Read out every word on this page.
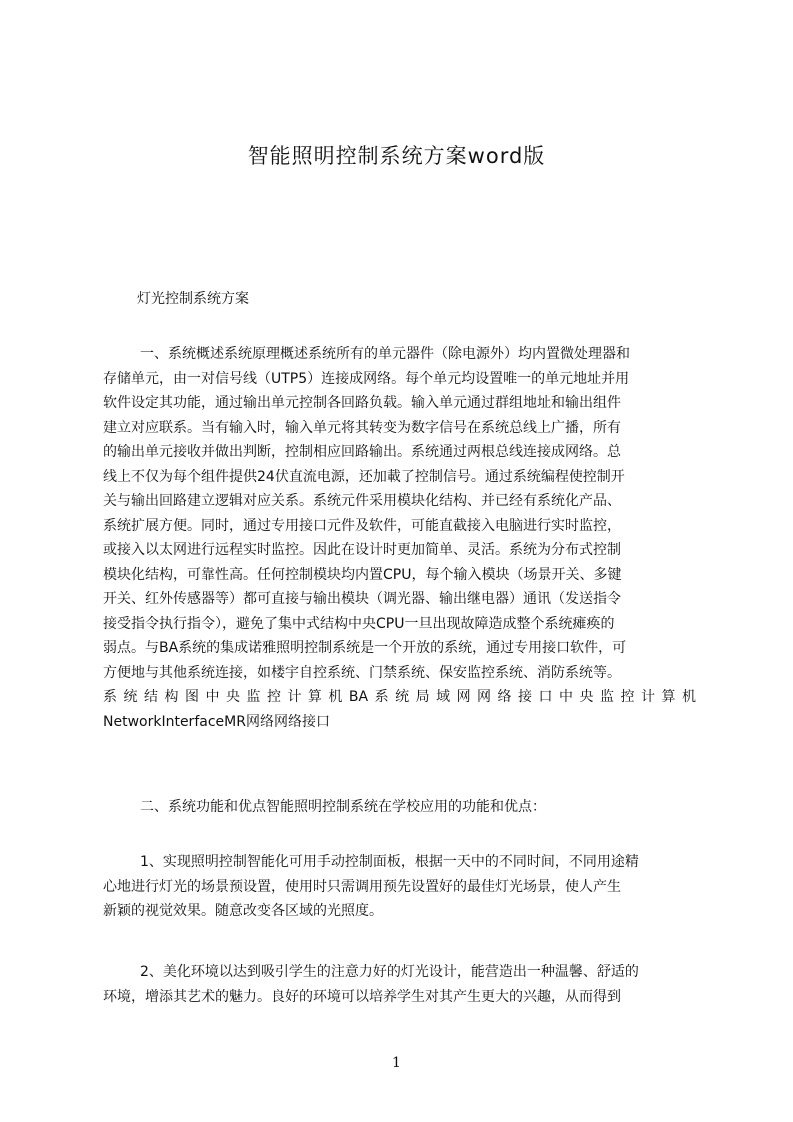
智能照明控制系统方案word版

灯光控制系统方案

一、系统概述系统原理概述系统所有的单元器件（除电源外）均内置微处理器和
存储单元，由一对信号线（UTP5）连接成网络。每个单元均设置唯一的单元地址并用
软件设定其功能，通过输出单元控制各回路负载。输入单元通过群组地址和输出组件
建立对应联系。当有输入时，输入单元将其转变为数字信号在系统总线上广播，所有
的输出单元接收并做出判断，控制相应回路输出。系统通过两根总线连接成网络。总
线上不仅为每个组件提供24伏直流电源，还加載了控制信号。通过系统编程使控制开
关与输出回路建立逻辑对应关系。系统元件采用模块化结构、并已经有系统化产品、
系统扩展方便。同时，通过专用接口元件及软件，可能直截接入电脑进行实时监控，
或接入以太网进行远程实时监控。因此在设计时更加简单、灵活。系统为分布式控制
模块化结构，可靠性高。任何控制模块均内置CPU，每个输入模块（场景开关、多键
开关、红外传感器等）都可直接与输出模块（调光器、输出继电器）通讯（发送指令
接受指令执行指令），避免了集中式结构中央CPU一旦出现故障造成整个系统瘫痪的
弱点。与BA系统的集成诺雅照明控制系统是一个开放的系统，通过专用接口软件，可
方便地与其他系统连接，如楼宇自控系统、门禁系统、保安监控系统、消防系统等。
系统结构图中央监控计算机BA系统局域网网络接口中央监控计算机
NetworkInterfaceMR网络网络接口
二、系统功能和优点智能照明控制系统在学校应用的功能和优点：
1、实现照明控制智能化可用手动控制面板，根据一天中的不同时间，不同用途精
心地进行灯光的场景预设置，使用时只需调用预先设置好的最佳灯光场景，使人产生
新颖的视觉效果。随意改变各区域的光照度。
2、美化环境以达到吸引学生的注意力好的灯光设计，能营造出一种温馨、舒适的
环境，增添其艺术的魅力。良好的环境可以培养学生对其产生更大的兴趣，从而得到
1
